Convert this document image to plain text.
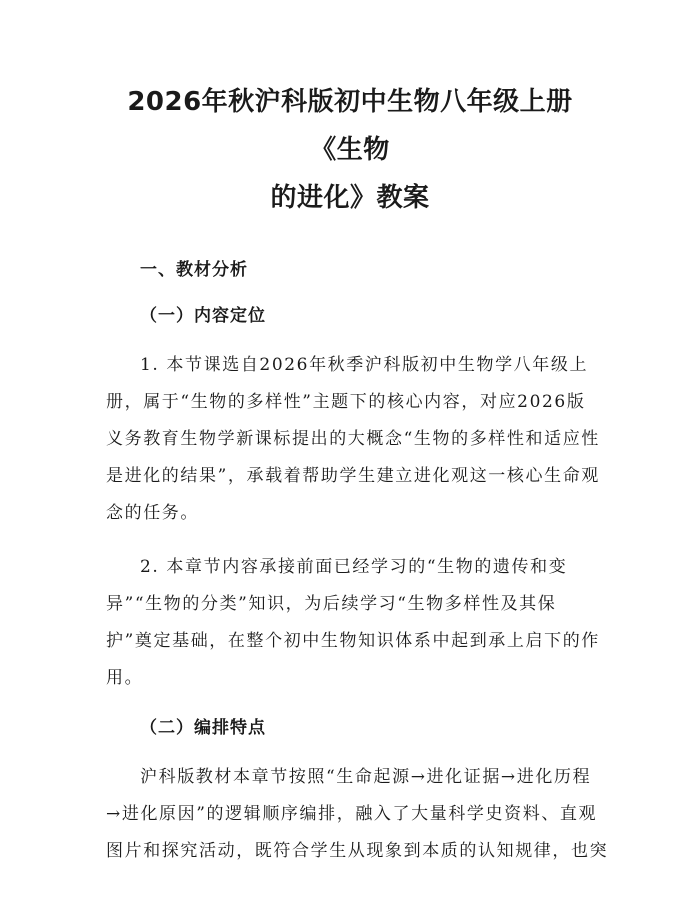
2026年秋沪科版初中生物八年级上册《生物
的进化》教案
一、教材分析
（一）内容定位

1. 本节课选自2026年秋季沪科版初中生物学八年级上
册，属于“生物的多样性”主题下的核心内容，对应2026版
义务教育生物学新课标提出的大概念“生物的多样性和适应性
是进化的结果”，承载着帮助学生建立进化观这一核心生命观
念的任务。

2. 本章节内容承接前面已经学习的“生物的遗传和变
异”“生物的分类”知识，为后续学习“生物多样性及其保
护”奠定基础，在整个初中生物知识体系中起到承上启下的作
用。

（二）编排特点

沪科版教材本章节按照“生命起源→进化证据→进化历程
→进化原因”的逻辑顺序编排，融入了大量科学史资料、直观
图片和探究活动，既符合学生从现象到本质的认知规律，也突
